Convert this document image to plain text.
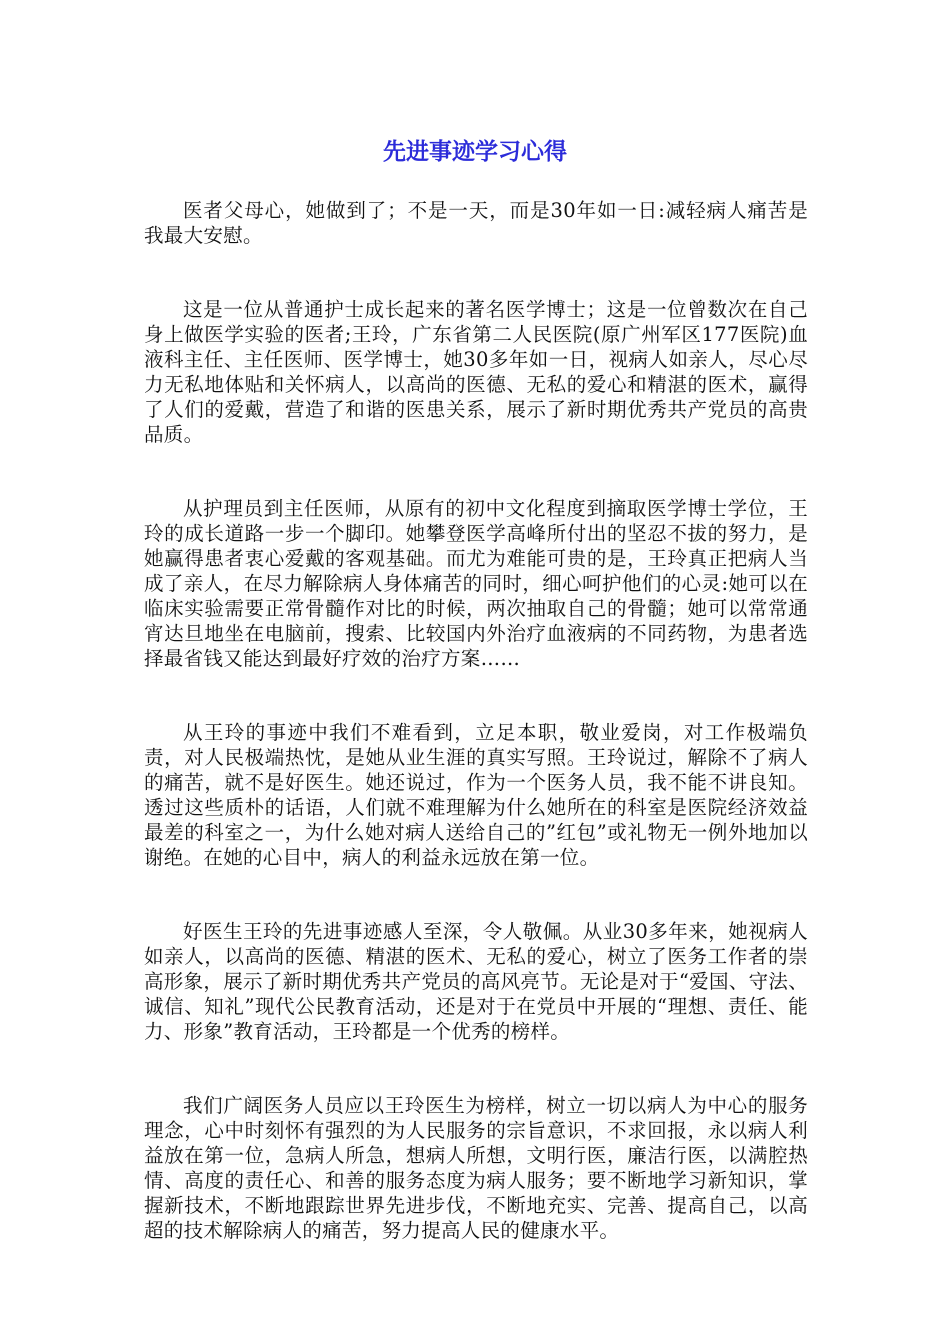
先进事迹学习心得

医者父母心，她做到了；不是一天，而是30年如一日:减轻病人痛苦是我最大安慰。

这是一位从普通护士成长起来的著名医学博士；这是一位曾数次在自己身上做医学实验的医者;王玲，广东省第二人民医院(原广州军区177医院)血液科主任、主任医师、医学博士，她30多年如一日，视病人如亲人，尽心尽力无私地体贴和关怀病人，以高尚的医德、无私的爱心和精湛的医术，赢得了人们的爱戴，营造了和谐的医患关系，展示了新时期优秀共产党员的高贵品质。

从护理员到主任医师，从原有的初中文化程度到摘取医学博士学位，王玲的成长道路一步一个脚印。她攀登医学高峰所付出的坚忍不拔的努力，是她赢得患者衷心爱戴的客观基础。而尤为难能可贵的是，王玲真正把病人当成了亲人，在尽力解除病人身体痛苦的同时，细心呵护他们的心灵:她可以在临床实验需要正常骨髓作对比的时候，两次抽取自己的骨髓；她可以常常通宵达旦地坐在电脑前，搜索、比较国内外治疗血液病的不同药物，为患者选择最省钱又能达到最好疗效的治疗方案……

从王玲的事迹中我们不难看到，立足本职，敬业爱岗，对工作极端负责，对人民极端热忱，是她从业生涯的真实写照。王玲说过，解除不了病人的痛苦，就不是好医生。她还说过，作为一个医务人员，我不能不讲良知。透过这些质朴的话语，人们就不难理解为什么她所在的科室是医院经济效益最差的科室之一，为什么她对病人送给自己的”红包”或礼物无一例外地加以谢绝。在她的心目中，病人的利益永远放在第一位。

好医生王玲的先进事迹感人至深，令人敬佩。从业30多年来，她视病人如亲人，以高尚的医德、精湛的医术、无私的爱心，树立了医务工作者的崇高形象，展示了新时期优秀共产党员的高风亮节。无论是对于“爱国、守法、诚信、知礼”现代公民教育活动，还是对于在党员中开展的“理想、责任、能力、形象”教育活动，王玲都是一个优秀的榜样。

我们广阔医务人员应以王玲医生为榜样，树立一切以病人为中心的服务理念，心中时刻怀有强烈的为人民服务的宗旨意识，不求回报，永以病人利益放在第一位，急病人所急，想病人所想，文明行医，廉洁行医，以满腔热情、高度的责任心、和善的服务态度为病人服务；要不断地学习新知识，掌握新技术，不断地跟踪世界先进步伐，不断地充实、完善、提高自己，以高超的技术解除病人的痛苦，努力提高人民的健康水平。
